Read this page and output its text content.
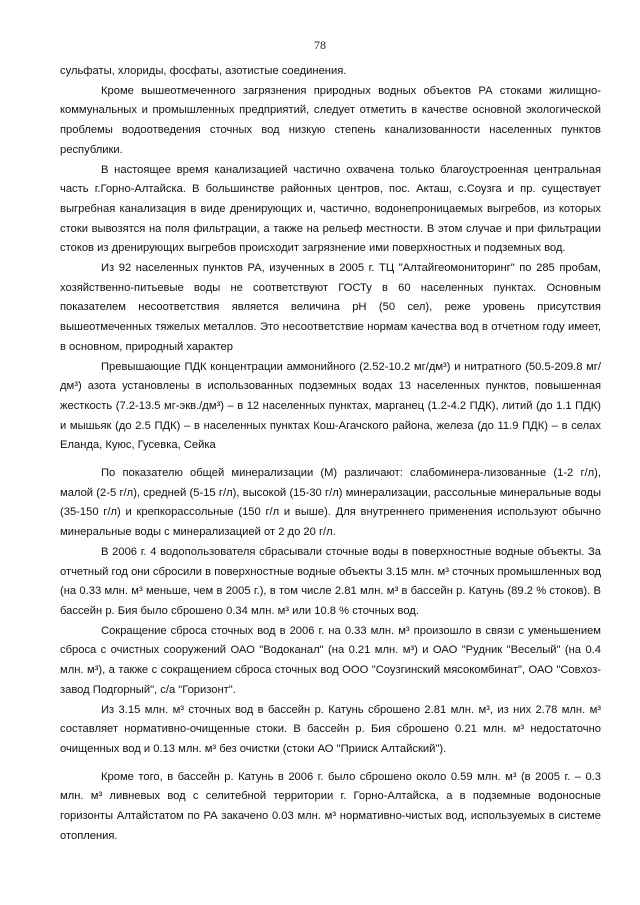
78

сульфаты, хлориды, фосфаты, азотистые соединения.

Кроме вышеотмеченного загрязнения природных водных объектов РА стоками жилищно-коммунальных и промышленных предприятий, следует отметить в качестве основной экологической проблемы водоотведения сточных вод низкую степень канализованности населенных пунктов республики.

В настоящее время канализацией частично охвачена только благоустроенная центральная часть г.Горно-Алтайска. В большинстве районных центров, пос. Акташ, с.Соузга и пр. существует выгребная канализация в виде дренирующих и, частично, водонепроницаемых выгребов, из которых стоки вывозятся на поля фильтрации, а также на рельеф местности. В этом случае и при фильтрации стоков из дренирующих выгребов происходит загрязнение ими поверхностных и подземных вод.

Из 92 населенных пунктов РА, изученных в 2005 г. ТЦ "Алтайгеомониторинг" по 285 пробам, хозяйственно-питьевые воды не соответствуют ГОСТу в 60 населенных пунктах. Основным показателем несоответствия является величина pH (50 сел), реже уровень присутствия вышеотмеченных тяжелых металлов. Это несоответствие нормам качества вод в отчетном году имеет, в основном, природный характер

Превышающие ПДК концентрации аммонийного (2.52-10.2 мг/дм³) и нитратного (50.5-209.8 мг/дм³) азота установлены в использованных подземных водах 13 населенных пунктов, повышенная жесткость (7.2-13.5 мг-экв./дм³) – в 12 населенных пунктах, марганец (1.2-4.2 ПДК), литий (до 1.1 ПДК) и мышьяк (до 2.5 ПДК) – в населенных пунктах Кош-Агачского района, железа (до 11.9 ПДК) – в селах Еланда, Куюс, Гусевка, Сейка

По показателю общей минерализации (М) различают: слабоминера-лизованные (1-2 г/л), малой (2-5 г/л), средней (5-15 г/л), высокой (15-30 г/л) минерализации, рассольные минеральные воды (35-150 г/л) и крепкорассольные (150 г/л и выше). Для внутреннего применения используют обычно минеральные воды с минерализацией от 2 до 20 г/л.

В 2006 г. 4 водопользователя сбрасывали сточные воды в поверхностные водные объекты. За отчетный год они сбросили в поверхностные водные объекты 3.15 млн. м³ сточных промышленных вод (на 0.33 млн. м³ меньше, чем в 2005 г.), в том числе 2.81 млн. м³ в бассейн р. Катунь (89.2 % стоков). В бассейн р. Бия было сброшено 0.34 млн. м³ или 10.8 % сточных вод.

Сокращение сброса сточных вод в 2006 г. на 0.33 млн. м³ произошло в связи с уменьшением сброса с очистных сооружений ОАО "Водоканал" (на 0.21 млн. м³) и ОАО "Рудник "Веселый" (на 0.4 млн. м³), а также с сокращением сброса сточных вод ООО "Соузгинский мясокомбинат", ОАО "Совхоз-завод Подгорный", с/а "Горизонт".

Из 3.15 млн. м³ сточных вод в бассейн р. Катунь сброшено 2.81 млн. м³, из них 2.78 млн. м³ составляет нормативно-очищенные стоки. В бассейн р. Бия сброшено 0.21 млн. м³ недостаточно очищенных вод и 0.13 млн. м³ без очистки (стоки АО "Прииск Алтайский").

Кроме того, в бассейн р. Катунь в 2006 г. было сброшено около 0.59 млн. м³ (в 2005 г. – 0.3 млн. м³ ливневых вод с селитебной территории г. Горно-Алтайска, а в подземные водоносные горизонты Алтайстатом по РА закачено 0.03 млн. м³ нормативно-чистых вод, используемых в системе отопления.
